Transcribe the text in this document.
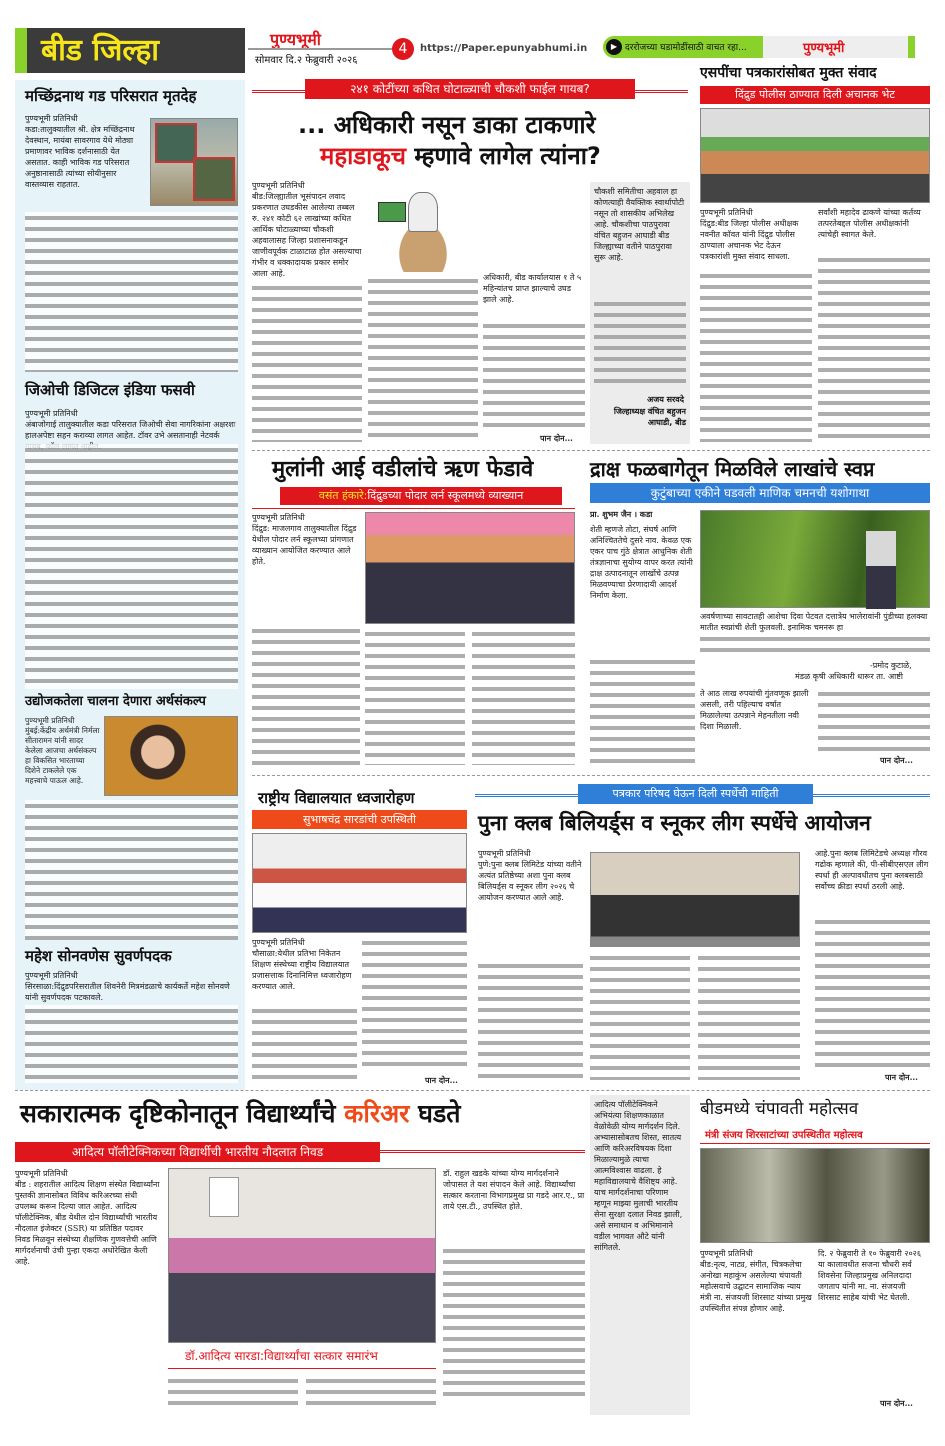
बीड जिल्हा	पुण्यभूमी
सोमवार दि.२ फेब्रुवारी २०२६
4	https://Paper.epunyabhumi.in	▶ दररोजच्या घडामोडींसाठी वाचत रहा...	पुण्यभूमी
मच्छिंद्रनाथ गड परिसरात मृतदेह
पुण्यभूमी प्रतिनिधी
कडा:तालुक्यातील श्री. क्षेत्र मच्छिंद्रनाथ देवस्थान, मायंबा सावरगाव येथे मोठ्या प्रमाणावर भाविक दर्शनासाठी येत असतात. काही भाविक गड परिसरात अनुष्ठानासाठी त्यांच्या सोयीनुसार वास्तव्यास राहतात.
जिओची डिजिटल इंडिया फसवी
पुण्यभूमी प्रतिनिधी
अंबाजोगाई तालुक्यातील कडा परिसरात जिओची सेवा नागरिकांना अक्षरशः हालअपेष्टा सहन कराव्या लागत आहेत. टॉवर उभे असतानाही नेटवर्क
उद्योजकतेला चालना देणारा अर्थसंकल्प
पुण्यभूमी प्रतिनिधी
मुंबई:केंद्रीय अर्थमंत्री निर्मला सीतारामन यांनी सादर केलेला आजचा अर्थसंकल्प हा विकसित भारताच्या दिशेने टाकलेले एक महत्त्वाचे पाऊल आहे.
महेश सोनवणेस सुवर्णपदक
पुण्यभूमी प्रतिनिधी
सिरसाळा:दिंद्रुडपरिसरातील शिवनेरी मित्रमंडळाचे कार्यकर्ते महेश सोनवणे यांनी सुवर्णपदक पटकावले.
२४१ कोटींच्या कथित घोटाळ्याची चौकशी फाईल गायब?
... अधिकारी नसून डाका टाकणारे
महाडाकूच म्हणावे लागेल त्यांना?
पुण्यभूमी प्रतिनिधी
बीड:जिल्ह्यातील भूसंपादन लवाद प्रकरणात उघडकीस आलेल्या तब्बल रु. २४१ कोटी ६२ लाखांच्या कथित आर्थिक घोटाळ्याच्या चौकशी अहवालासह जिल्हा प्रशासनाकडून जाणीवपूर्वक टाळाटाळ होत असल्याचा गंभीर व धक्कादायक प्रकार समोर आला आहे.	अधिकारी, बीड कार्यालयास १ ते ५ महिन्यांतच प्राप्त झाल्याचे उघड झाले आहे.
पान दोन...
चौकशी समितीचा अहवाल हा कोणत्याही वैयक्तिक स्वार्थापोटी नसून तो शासकीय अभिलेख आहे. चौकशीचा पाठपुरावा वंचित बहुजन आघाडी बीड जिल्ह्याच्या वतीने पाठपुरावा सुरू आहे.
अजय सरवदे
जिल्हाध्यक्ष वंचित बहुजन आघाडी, बीड
एसपींचा पत्रकारांसोबत मुक्त संवाद
दिंद्रुड पोलीस ठाण्यात दिली अचानक भेट
पुण्यभूमी प्रतिनिधी
दिंद्रुड:बीड जिल्हा पोलीस अधीक्षक नवनीत कॉवत यांनी दिंद्रुड पोलीस ठाण्याला अचानक भेट देऊन पत्रकारांशी मुक्त संवाद साधला.
सर्वांशी महादेव ढाकणे यांच्या कर्तव्य तत्परतेबद्दल पोलीस अधीक्षकांनी त्यांचेही स्वागत केले.
मुलांनी आई वडीलांचे ऋण फेडावे
वसंत हंकारे:दिंद्रुडच्या पोदार लर्न स्कूलमध्ये व्याख्यान
पुण्यभूमी प्रतिनिधी
दिंद्रुड: माजलगाव तालुक्यातील दिंद्रुड येथील पोदार लर्न स्कूलच्या प्रांगणात व्याख्यान आयोजित करण्यात आले होते.
द्राक्ष फळबागेतून मिळविले लाखांचे स्वप्न
कुटुंबाच्या एकीने घडवली माणिक चमनची यशोगाथा
प्रा. शुभम जैन । कडा
शेती म्हणजे तोटा, संघर्ष आणि अनिश्चिततेचे दुसरे नाव. केवळ एक एकर पाच गुंठे क्षेत्रात आधुनिक शेती तंत्रज्ञानाचा सुयोग्य वापर करत त्यांनी द्राक्ष उत्पादनातून लाखोंचे उत्पन्न मिळवण्याचा प्रेरणादायी आदर्श निर्माण केला.
अवर्षणाच्या सावटातही आशेचा दिवा पेटवत दत्तात्रेय भालेरावांनी पुंडीच्या हलक्या मातीत स्वप्नांची शेती फुलवली. इनामिक चमनरू हा
-प्रमोद कुटाळे,
मंडळ कृषी अधिकारी धारूर ता. आष्टी
ते आठ लाख रुपयांची गुंतवणूक झाली असली, तरी पहिल्याच वर्षात मिळालेल्या उत्पन्नाने मेहनतीला नवी दिशा मिळाली.
पान दोन...
राष्ट्रीय विद्यालयात ध्वजारोहण
सुभाषचंद्र सारडांची उपस्थिती
पुण्यभूमी प्रतिनिधी
चौसाळा:येथील प्रतिभा निकेतन शिक्षण संस्थेच्या राष्ट्रीय विद्यालयात प्रजासत्ताक दिनानिमित्त ध्वजारोहण करण्यात आले.
पान दोन...
पत्रकार परिषद घेऊन दिली स्पर्धेची माहिती
पुना क्लब बिलियर्ड्स व स्नूकर लीग स्पर्धेचे आयोजन
पुण्यभूमी प्रतिनिधी
पुणे:पुना क्लब लिमिटेड यांच्या वतीने अत्यंत प्रतिष्ठेच्या अशा पुना क्लब बिलियर्ड्स व स्नूकर लीग २०२६ चे आयोजन करण्यात आले आहे.
आहे.पुना क्लब लिमिटेडचे अध्यक्ष गौरव गढोक म्हणाले की, पी-सीबीएसएल लीग स्पर्धा ही अल्पावधीतच पुना क्लबसाठी सर्वोच्च क्रीडा स्पर्धा ठरली आहे.
पान दोन...
सकारात्मक दृष्टिकोनातून विद्यार्थ्यांचे करिअर घडते
आदित्य पॉलीटेक्निकच्या विद्यार्थीची भारतीय नौदलात निवड
पुण्यभूमी प्रतिनिधी
बीड : शहरातील आदित्य शिक्षण संस्थेत विद्यार्थ्यांना पुस्तकी ज्ञानासोबत विविध करिअरच्या संधी उपलब्ध करून दिल्या जात आहेत. आदित्य पॉलीटेक्निक, बीड येथील दोन विद्यार्थ्यांची भारतीय नौदलात इंजेक्टर (SSR) या प्रतिष्ठित पदावर निवड मिळवून संस्थेच्या शैक्षणिक गुणवत्तेची आणि मार्गदर्शनाची उंची पुन्हा एकदा अधोरेखित केली आहे.
डॉ.आदित्य सारडा:विद्यार्थ्यांचा सत्कार समारंभ
डॉ. राहुल खडके यांच्या योग्य मार्गदर्शनाने जोपासत ते यश संपादन केले आहे. विद्यार्थ्यांचा सत्कार करताना विभागप्रमुख प्रा गडदे आर.ए., प्रा ताये एस.टी., उपस्थित होते.
आदित्य पॉलीटेक्निकने अभियंत्या शिक्षणकाळात वेळोवेळी योग्य मार्गदर्शन दिले. अभ्यासासोबतच शिस्त, सातत्य आणि करिअरविषयक दिशा मिळाल्यामुळे त्याचा आत्मविश्वास वाढला. हे महाविद्यालयाचे वैशिष्ट्य आहे. याच मार्गदर्शनाचा परिणाम म्हणून माझ्या मुलाची भारतीय सेना सुरक्षा दलात निवड झाली, असे समाधान व अभिमानाने वडील भागवत औटे यांनी सांगितले.
बीडमध्ये चंपावती महोत्सव
मंत्री संजय शिरसाटांच्या उपस्थितीत महोत्सव
पुण्यभूमी प्रतिनिधी
बीड:नृत्य, नाट्य, संगीत, चित्रकलेचा अनोखा महाकुंभ असलेल्या चंपावती महोत्सवाचे उद्घाटन सामाजिक न्याय मंत्री ना. संजयजी शिरसाट यांच्या प्रमुख उपस्थितीत संपन्न होणार आहे.
दि. २ फेब्रुवारी ते १० फेब्रुवारी २०२६ या कालावधीत सजना चौधरी सर्व शिवसेना जिल्हाप्रमुख अनिलदादा जगताप यांनी मा. ना. संजयजी शिरसाट साहेब यांची भेट घेतली.
पान दोन...
